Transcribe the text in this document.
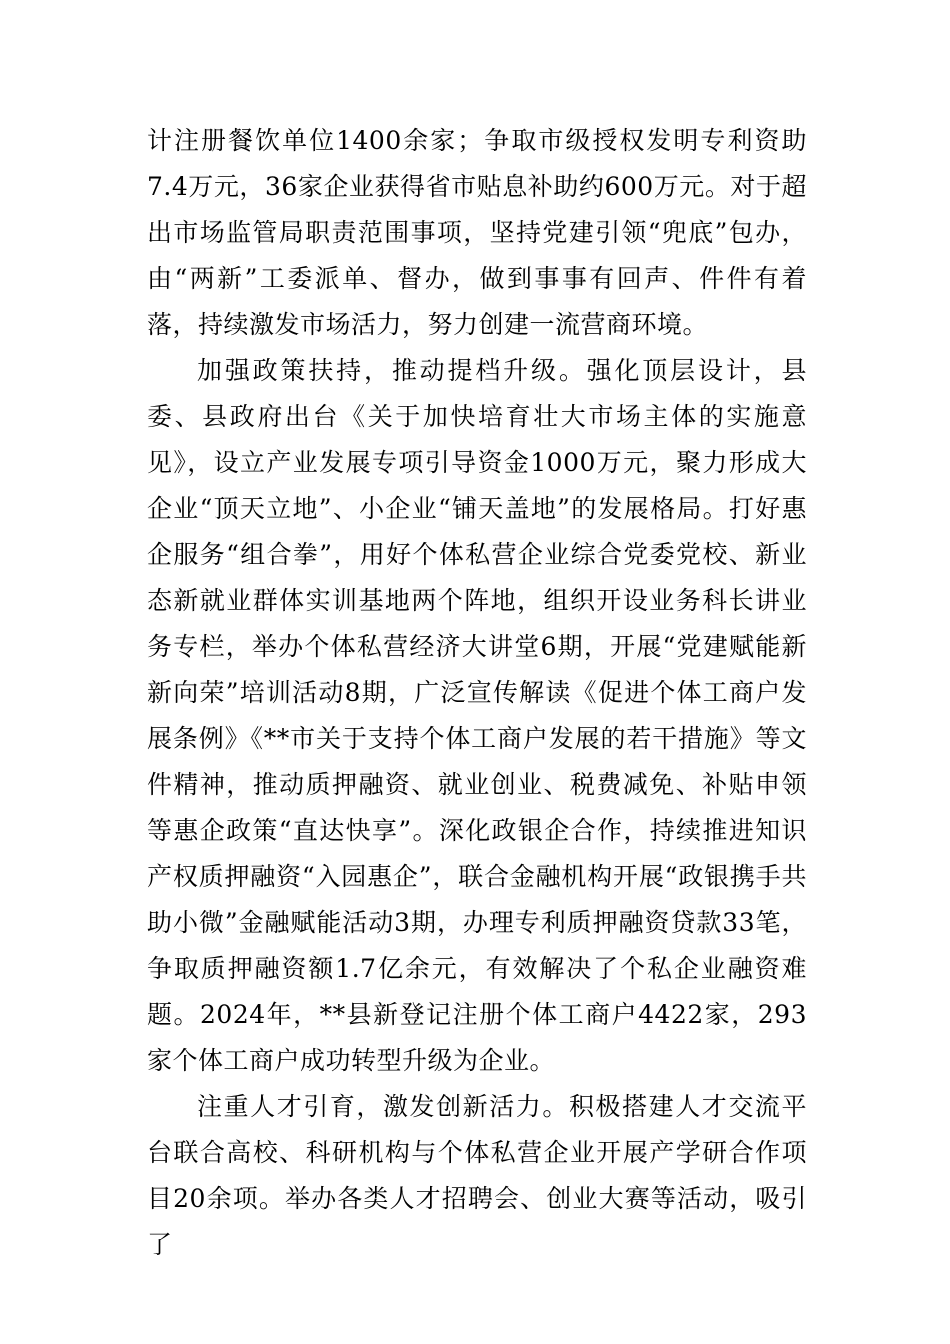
计注册餐饮单位1400余家；争取市级授权发明专利资助7.4万元，36家企业获得省市贴息补助约600万元。对于超出市场监管局职责范围事项，坚持党建引领“兜底”包办，由“两新”工委派单、督办，做到事事有回声、件件有着落，持续激发市场活力，努力创建一流营商环境。

加强政策扶持，推动提档升级。强化顶层设计，县委、县政府出台《关于加快培育壮大市场主体的实施意见》，设立产业发展专项引导资金1000万元，聚力形成大企业“顶天立地”、小企业“铺天盖地”的发展格局。打好惠企服务“组合拳”，用好个体私营企业综合党委党校、新业态新就业群体实训基地两个阵地，组织开设业务科长讲业务专栏，举办个体私营经济大讲堂6期，开展“党建赋能新新向荣”培训活动8期，广泛宣传解读《促进个体工商户发展条例》《**市关于支持个体工商户发展的若干措施》等文件精神，推动质押融资、就业创业、税费减免、补贴申领等惠企政策“直达快享”。深化政银企合作，持续推进知识产权质押融资“入园惠企”，联合金融机构开展“政银携手共助小微”金融赋能活动3期，办理专利质押融资贷款33笔，争取质押融资额1.7亿余元，有效解决了个私企业融资难题。2024年，**县新登记注册个体工商户4422家，293家个体工商户成功转型升级为企业。

注重人才引育，激发创新活力。积极搭建人才交流平台联合高校、科研机构与个体私营企业开展产学研合作项目20余项。举办各类人才招聘会、创业大赛等活动，吸引了
